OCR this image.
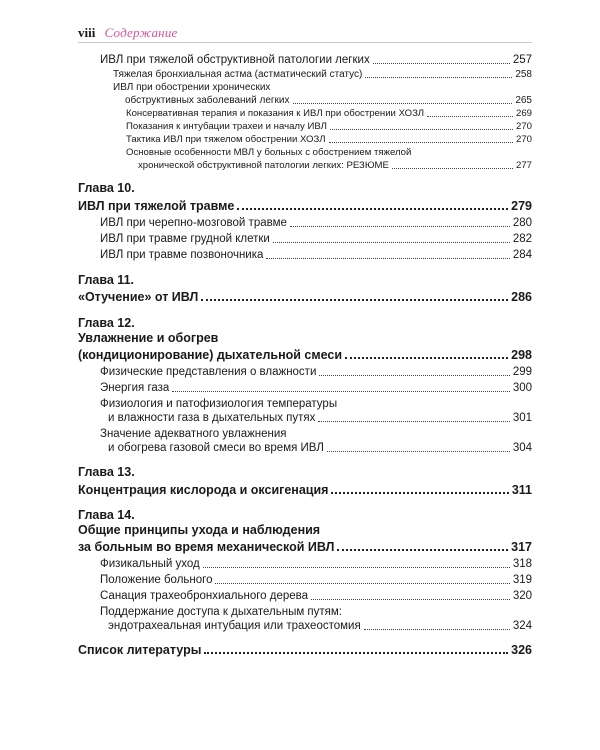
viii Содержание
ИВЛ при тяжелой обструктивной патологии легких	257
Тяжелая бронхиальная астма (астматический статус)	258
ИВЛ при обострении хронических
обструктивных заболеваний легких	265
Консервативная терапия и показания к ИВЛ при обострении ХОЗЛ	269
Показания к интубации трахеи и началу ИВЛ	270
Тактика ИВЛ при тяжелом обострении ХОЗЛ	270
Основные особенности МВЛ у больных с обострением тяжелой
хронической обструктивной патологии легких: РЕЗЮМЕ	277
Глава 10.
ИВЛ при тяжелой травме	279
ИВЛ при черепно-мозговой травме	280
ИВЛ при травме грудной клетки	282
ИВЛ при травме позвоночника	284
Глава 11.
«Отучение» от ИВЛ	286
Глава 12.
Увлажнение и обогрев
(кондиционирование) дыхательной смеси	298
Физические представления о влажности	299
Энергия газа	300
Физиология и патофизиология температуры
и влажности газа в дыхательных путях	301
Значение адекватного увлажнения
и обогрева газовой смеси во время ИВЛ	304
Глава 13.
Концентрация кислорода и оксигенация	311
Глава 14.
Общие принципы ухода и наблюдения
за больным во время механической ИВЛ	317
Физикальный уход	318
Положение больного	319
Санация трахеобронхиального дерева	320
Поддержание доступа к дыхательным путям:
эндотрахеальная интубация или трахеостомия	324
Список литературы	326
